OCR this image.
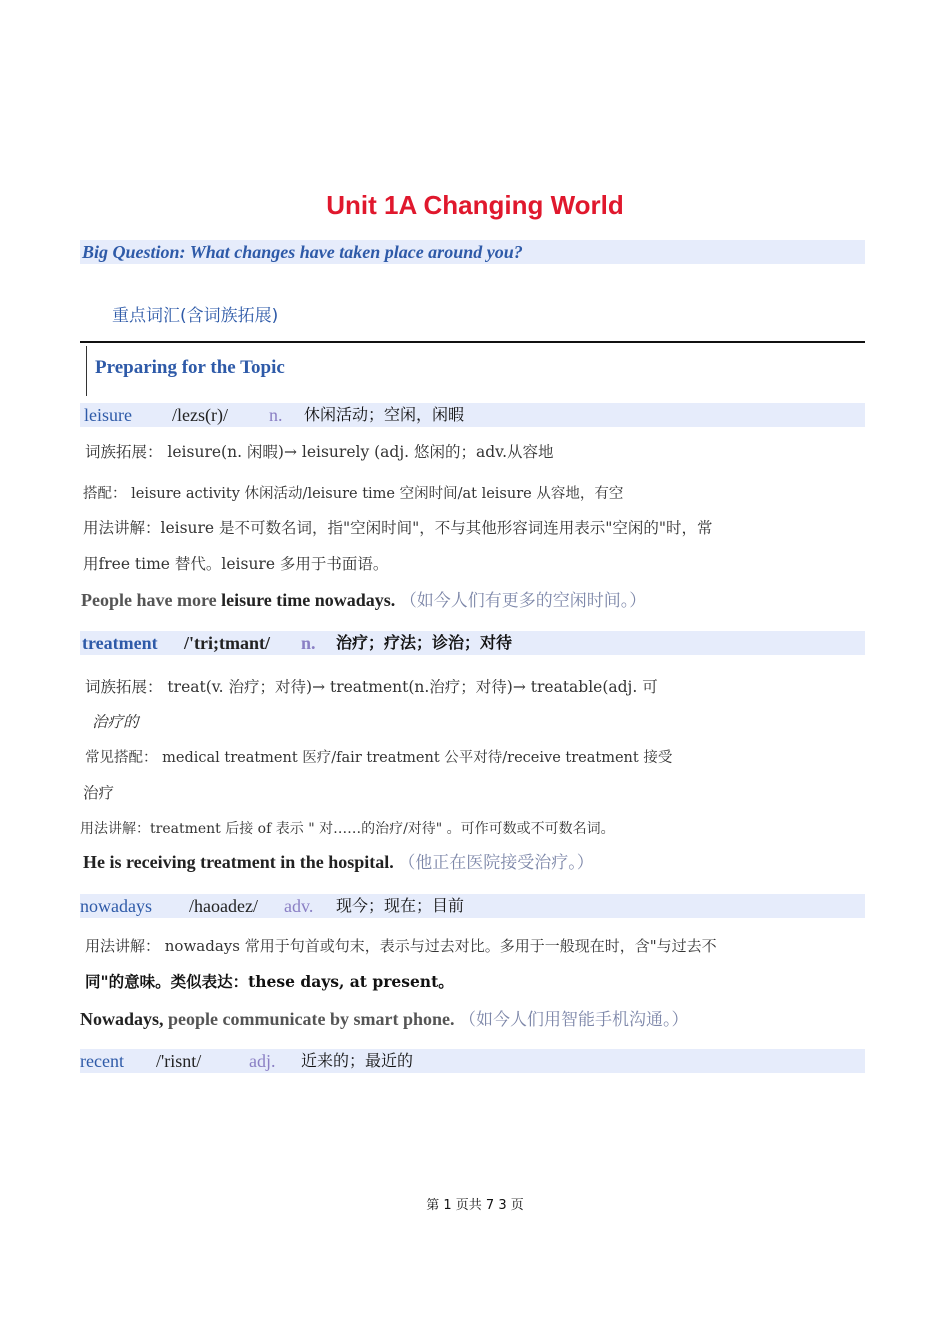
Unit 1A Changing World
Big Question: What changes have taken place around you?
重点词汇(含词族拓展)
Preparing for the Topic
leisure /lezs(r)/ n. 休闲活动；空闲，闲暇
词族拓展： leisure(n. 闲暇)→ leisurely (adj. 悠闲的；adv.从容地
搭配： leisure activity 休闲活动/leisure time 空闲时间/at leisure 从容地，有空
用法讲解：leisure 是不可数名词，指"空闲时间"，不与其他形容词连用表示"空闲的"时，常
用free time 替代。leisure 多用于书面语。
People have more leisure time nowadays. （如今人们有更多的空闲时间。）
treatment /'tri;tmant/ n. 治疗；疗法；诊治；对待
词族拓展： treat(v. 治疗；对待)→ treatment(n.治疗；对待)→ treatable(adj. 可
治疗的
常见搭配： medical treatment 医疗/fair treatment 公平对待/receive treatment 接受
治疗
用法讲解：treatment 后接 of 表示 " 对……的治疗/对待" 。可作可数或不可数名词。
He is receiving treatment in the hospital. （他正在医院接受治疗。）
nowadays /haoadez/ adv. 现今；现在；目前
用法讲解： nowadays 常用于句首或句末，表示与过去对比。多用于一般现在时，含"与过去不
同"的意味。类似表达：these days, at present。
Nowadays, people communicate by smart phone. （如今人们用智能手机沟通。）
recent /'risnt/	adj. 近来的；最近的
第 1 页共 7 3 页
